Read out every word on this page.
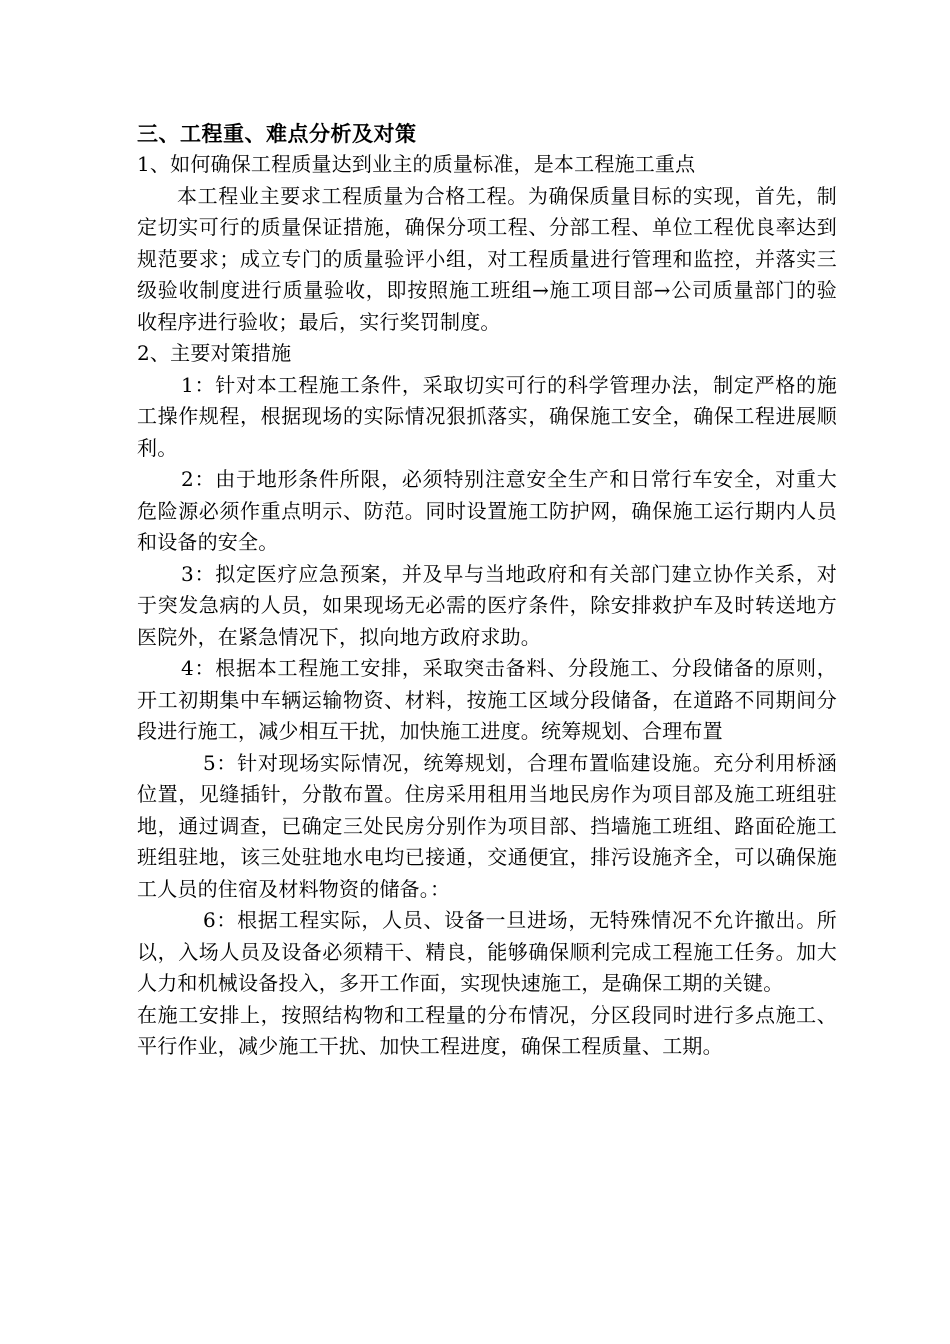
三、工程重、难点分析及对策

1、如何确保工程质量达到业主的质量标准，是本工程施工重点

本工程业主要求工程质量为合格工程。为确保质量目标的实现，首先，制定切实可行的质量保证措施，确保分项工程、分部工程、单位工程优良率达到规范要求；成立专门的质量验评小组，对工程质量进行管理和监控，并落实三级验收制度进行质量验收，即按照施工班组→施工项目部→公司质量部门的验收程序进行验收；最后，实行奖罚制度。

2、主要对策措施

1：针对本工程施工条件，采取切实可行的科学管理办法，制定严格的施工操作规程，根据现场的实际情况狠抓落实，确保施工安全，确保工程进展顺利。

2：由于地形条件所限，必须特别注意安全生产和日常行车安全，对重大危险源必须作重点明示、防范。同时设置施工防护网，确保施工运行期内人员和设备的安全。

3：拟定医疗应急预案，并及早与当地政府和有关部门建立协作关系，对于突发急病的人员，如果现场无必需的医疗条件，除安排救护车及时转送地方医院外，在紧急情况下，拟向地方政府求助。

4：根据本工程施工安排，采取突击备料、分段施工、分段储备的原则，开工初期集中车辆运输物资、材料，按施工区域分段储备，在道路不同期间分段进行施工，减少相互干扰，加快施工进度。统筹规划、合理布置

5：针对现场实际情况，统筹规划，合理布置临建设施。充分利用桥涵位置，见缝插针，分散布置。住房采用租用当地民房作为项目部及施工班组驻地，通过调查，已确定三处民房分别作为项目部、挡墙施工班组、路面砼施工班组驻地，该三处驻地水电均已接通，交通便宜，排污设施齐全，可以确保施工人员的住宿及材料物资的储备。：

6：根据工程实际，人员、设备一旦进场，无特殊情况不允许撤出。所以，入场人员及设备必须精干、精良，能够确保顺利完成工程施工任务。加大人力和机械设备投入，多开工作面，实现快速施工，是确保工期的关键。

在施工安排上，按照结构物和工程量的分布情况，分区段同时进行多点施工、平行作业，减少施工干扰、加快工程进度，确保工程质量、工期。
